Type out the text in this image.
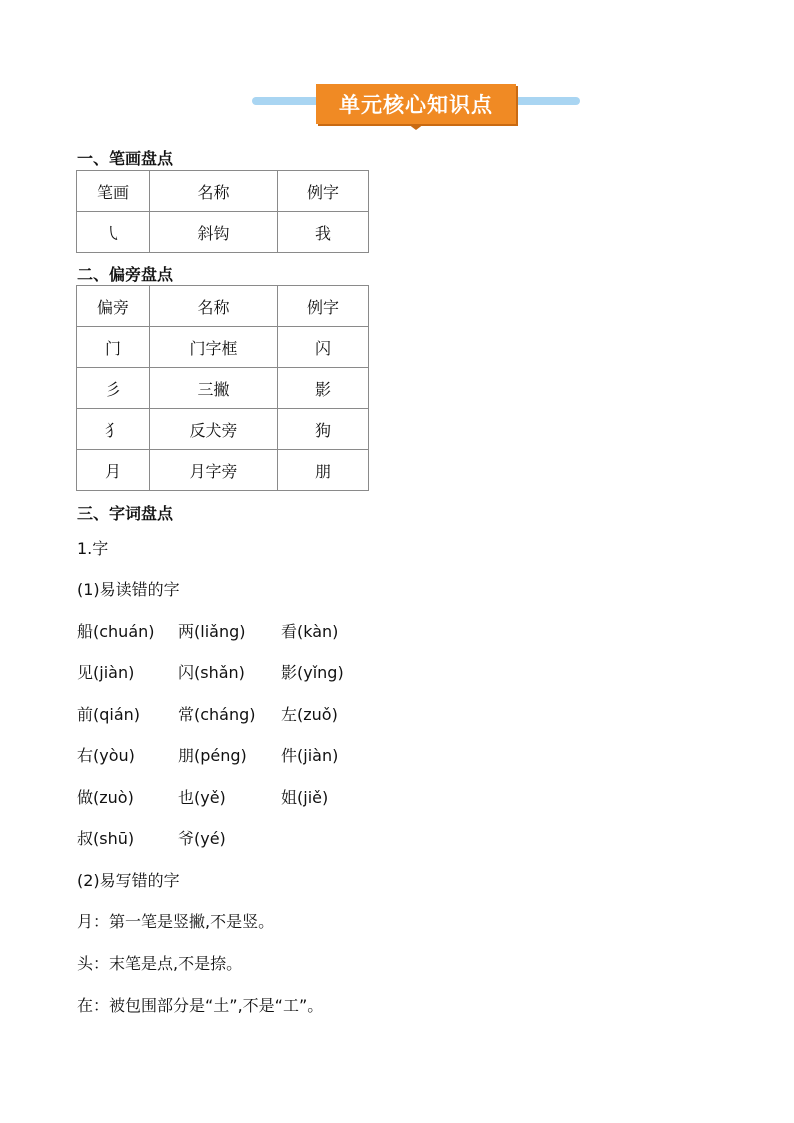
单元核心知识点
一、笔画盘点
笔画	名称	例字
㇂	斜钩	我
二、偏旁盘点
偏旁	名称	例字
门	门字框	闪
彡	三撇	影
犭	反犬旁	狗
月	月字旁	朋
三、字词盘点
1.字
(1)易读错的字
船(chuán) 两(liǎng) 看(kàn)
见(jiàn)	闪(shǎn) 影(yǐng)
前(qián) 常(cháng) 左(zuǒ)
右(yòu)	朋(péng) 件(jiàn)
做(zuò)	也(yě)	姐(jiě)
叔(shū)	爷(yé)
(2)易写错的字
月：第一笔是竖撇,不是竖。
头：末笔是点,不是捺。
在：被包围部分是“土”,不是“工”。
